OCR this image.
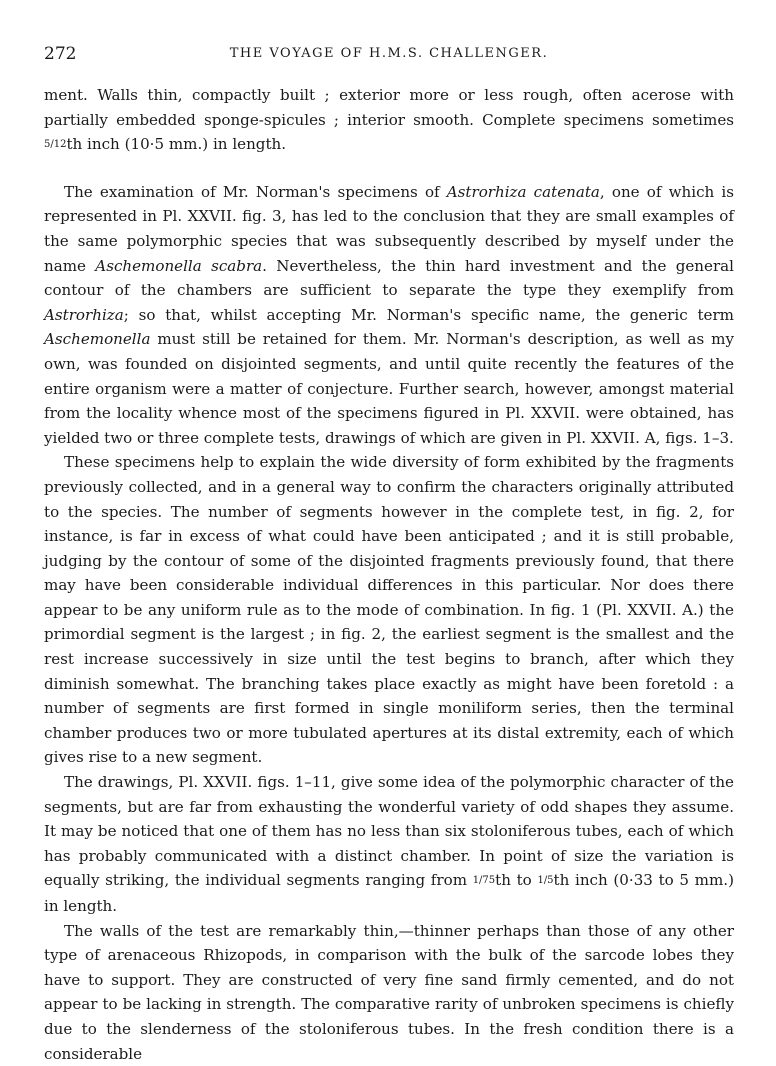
272	THE VOYAGE OF H.M.S. CHALLENGER.

ment. Walls thin, compactly built ; exterior more or less rough, often acerose with partially embedded sponge-spicules ; interior smooth. Complete specimens sometimes 5/12th inch (10·5 mm.) in length.

The examination of Mr. Norman's specimens of Astrorhiza catenata, one of which is represented in Pl. XXVII. fig. 3, has led to the conclusion that they are small examples of the same polymorphic species that was subsequently described by myself under the name Aschemonella scabra. Nevertheless, the thin hard investment and the general contour of the chambers are sufficient to separate the type they exemplify from Astrorhiza; so that, whilst accepting Mr. Norman's specific name, the generic term Aschemonella must still be retained for them. Mr. Norman's description, as well as my own, was founded on disjointed segments, and until quite recently the features of the entire organism were a matter of conjecture. Further search, however, amongst material from the locality whence most of the specimens figured in Pl. XXVII. were obtained, has yielded two or three complete tests, drawings of which are given in Pl. XXVII. A, figs. 1–3.

These specimens help to explain the wide diversity of form exhibited by the fragments previously collected, and in a general way to confirm the characters originally attributed to the species. The number of segments however in the complete test, in fig. 2, for instance, is far in excess of what could have been anticipated ; and it is still probable, judging by the contour of some of the disjointed fragments previously found, that there may have been considerable individual differences in this particular. Nor does there appear to be any uniform rule as to the mode of combination. In fig. 1 (Pl. XXVII. A.) the primordial segment is the largest ; in fig. 2, the earliest segment is the smallest and the rest increase successively in size until the test begins to branch, after which they diminish somewhat. The branching takes place exactly as might have been foretold : a number of segments are first formed in single moniliform series, then the terminal chamber produces two or more tubulated apertures at its distal extremity, each of which gives rise to a new segment.

The drawings, Pl. XXVII. figs. 1–11, give some idea of the polymorphic character of the segments, but are far from exhausting the wonderful variety of odd shapes they assume. It may be noticed that one of them has no less than six stoloniferous tubes, each of which has probably communicated with a distinct chamber. In point of size the variation is equally striking, the individual segments ranging from 1/75th to 1/5th inch (0·33 to 5 mm.) in length.

The walls of the test are remarkably thin,—thinner perhaps than those of any other type of arenaceous Rhizopods, in comparison with the bulk of the sarcode lobes they have to support. They are constructed of very fine sand firmly cemented, and do not appear to be lacking in strength. The comparative rarity of unbroken specimens is chiefly due to the slenderness of the stoloniferous tubes. In the fresh condition there is a considerable
